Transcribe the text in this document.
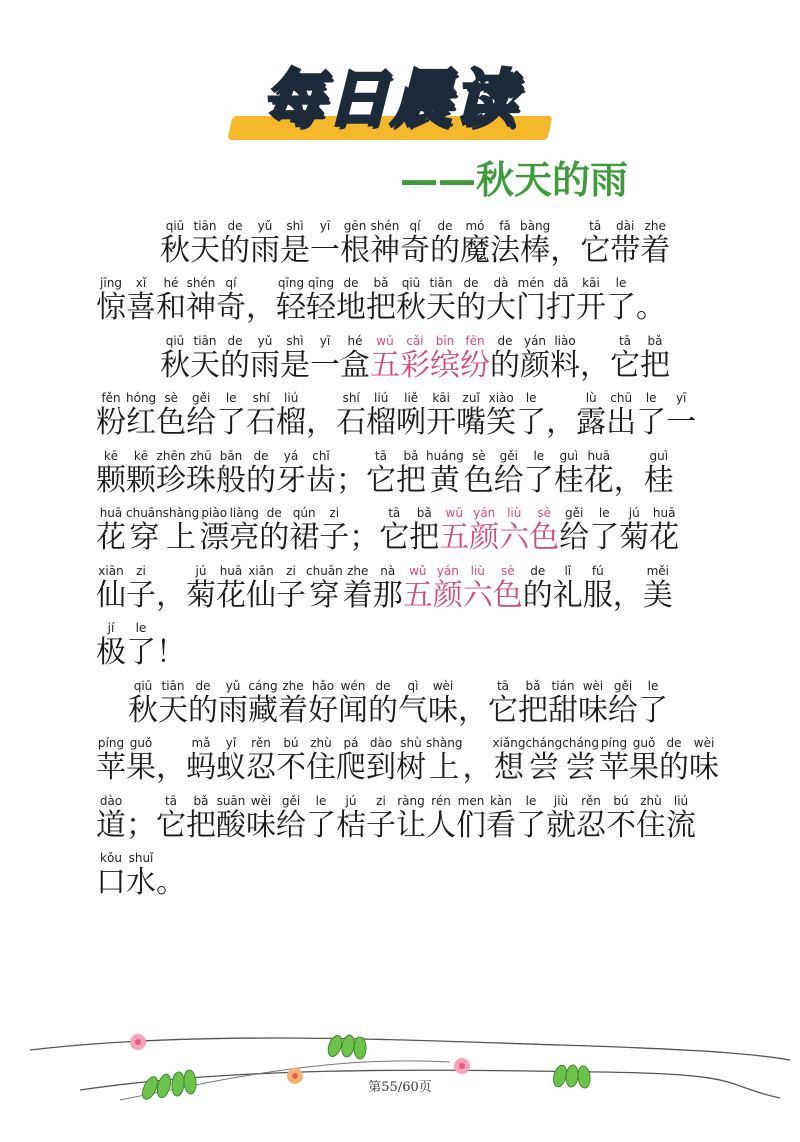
每日晨读
——秋天的雨
秋qiū
天tiān
的de
雨yǔ
是shì
一yī
根gēn
神shén
奇qí
的de
魔mó
法fǎ
棒bàng
， 它tā
带dài
着zhe
惊jīng
喜xǐ
和hé
神shén
奇qí
， 轻qīng
轻qīng
地de
把bǎ
秋qiū
天tiān
的de
大dà
门mén
打dǎ
开kāi
了le
。
秋qiū
天tiān
的de
雨yǔ
是shì
一yī
盒hé
五wǔ
彩cǎi
缤bīn
纷fēn
的de
颜yán
料liào
， 它tā
把bǎ
粉fěn
红hóng
色sè
给gěi
了le
石shí
榴liú
， 石shí
榴liú
咧liě
开kāi
嘴zuǐ
笑xiào
了le
， 露lù
出chū
了le
一yī
颗kē
颗kē
珍zhēn
珠zhū
般bān
的de
牙yá
齿chǐ
； 它tā
把bǎ
黄huáng
色sè
给gěi
了le
桂guì
花huā
， 桂guì
花huā
穿chuān
上shàng
漂piào
亮liàng
的de
裙qún
子zi
； 它tā
把bǎ
五wǔ
颜yán
六liù
色sè
给gěi
了le
菊jú
花huā
仙xiān
子zi
， 菊jú
花huā
仙xiān
子zi
穿chuān
着zhe
那nà
五wǔ
颜yán
六liù
色sè
的de
礼lǐ
服fú
， 美měi
极jí
了le
！
秋qiū
天tiān
的de
雨yǔ
藏cáng
着zhe
好hǎo
闻wén
的de
气qì
味wèi
， 它tā
把bǎ
甜tián
味wèi
给gěi
了le
苹píng
果guǒ
， 蚂mǎ
蚁yǐ
忍rěn
不bú
住zhù
爬pá
到dào
树shù
上shàng
， 想xiǎng
尝cháng
尝cháng
苹píng
果guǒ
的de
味wèi
道dào
； 它tā
把bǎ
酸suān
味wèi
给gěi
了le
桔jú
子zi
让ràng
人rén
们men
看kàn
了le
就jiù
忍rěn
不bú
住zhù
流liú
口kǒu
水shuǐ
。
第55/60页
